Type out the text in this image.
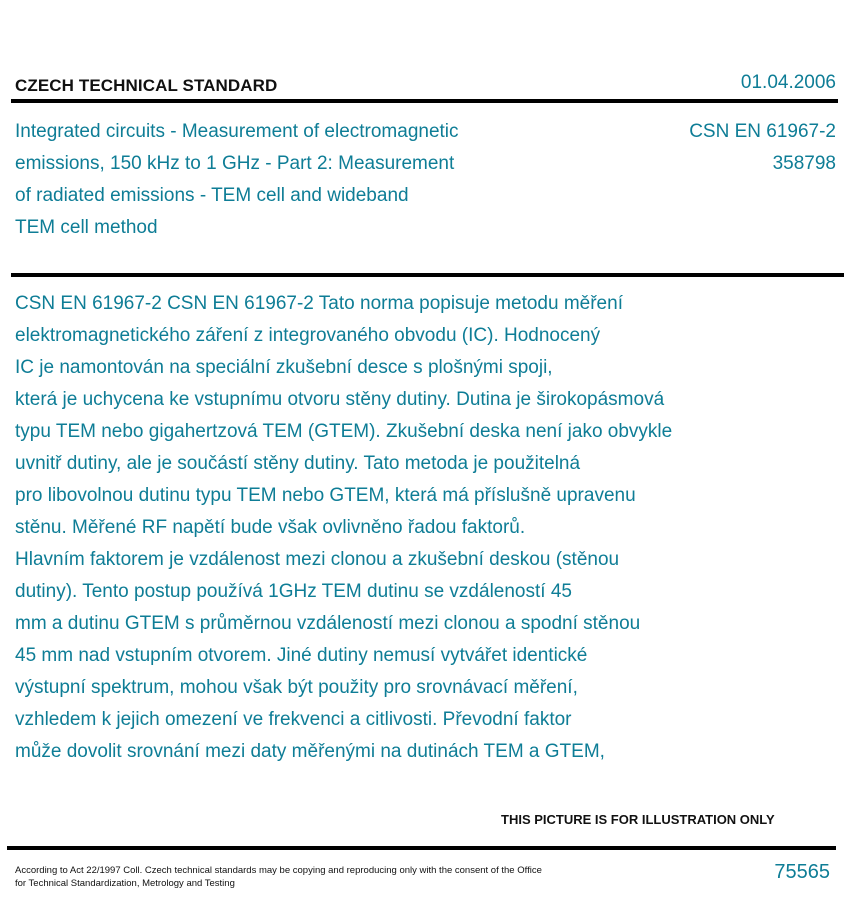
CZECH TECHNICAL STANDARD	01.04.2006
Integrated circuits - Measurement of electromagnetic
emissions, 150 kHz to 1 GHz - Part 2: Measurement
of radiated emissions - TEM cell and wideband
TEM cell method
CSN EN 61967-2
358798
CSN EN 61967-2 CSN EN 61967-2 Tato norma popisuje metodu měření
elektromagnetického záření z integrovaného obvodu (IC). Hodnocený
IC je namontován na speciální zkušební desce s plošnými spoji,
která je uchycena ke vstupnímu otvoru stěny dutiny. Dutina je širokopásmová
typu TEM nebo gigahertzová TEM (GTEM). Zkušební deska není jako obvykle
uvnitř dutiny, ale je součástí stěny dutiny. Tato metoda je použitelná
pro libovolnou dutinu typu TEM nebo GTEM, která má příslušně upravenu
stěnu. Měřené RF napětí bude však ovlivněno řadou faktorů.
Hlavním faktorem je vzdálenost mezi clonou a zkušební deskou (stěnou
dutiny). Tento postup používá 1GHz TEM dutinu se vzdáleností 45
mm a dutinu GTEM s průměrnou vzdáleností mezi clonou a spodní stěnou
45 mm nad vstupním otvorem. Jiné dutiny nemusí vytvářet identické
výstupní spektrum, mohou však být použity pro srovnávací měření,
vzhledem k jejich omezení ve frekvenci a citlivosti. Převodní faktor
může dovolit srovnání mezi daty měřenými na dutinách TEM a GTEM,
THIS PICTURE IS FOR ILLUSTRATION ONLY
According to Act 22/1997 Coll. Czech technical standards may be copying and reproducing only with the consent of the Office
for Technical Standardization, Metrology and Testing
75565
